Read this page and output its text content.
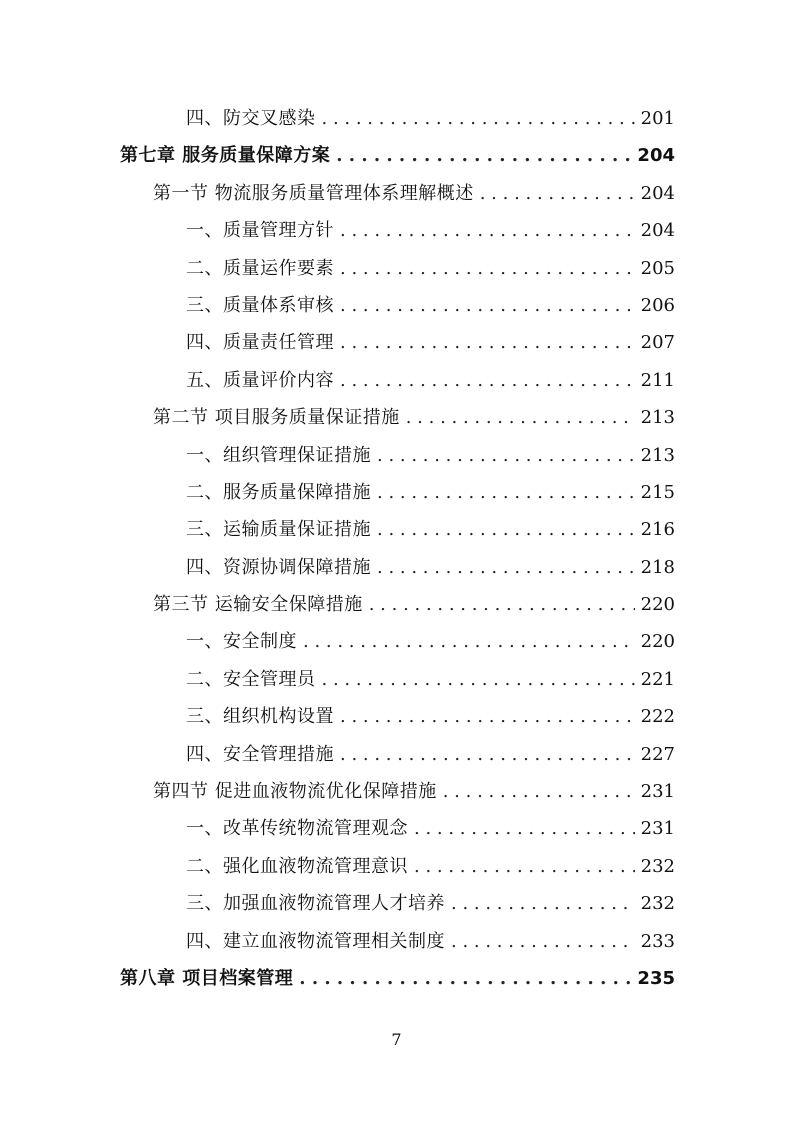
四、防交叉感染 . . .	201
第七章 服务质量保障方案 . . .	204
第一节 物流服务质量管理体系理解概述 . . .	204
一、质量管理方针 . . .	204
二、质量运作要素 . . .	205
三、质量体系审核 . . .	206
四、质量责任管理 . . .	207
五、质量评价内容 . . .	211
第二节 项目服务质量保证措施 . . .	213
一、组织管理保证措施 . . .	213
二、服务质量保障措施 . . .	215
三、运输质量保证措施 . . .	216
四、资源协调保障措施 . . .	218
第三节 运输安全保障措施 . . .	220
一、安全制度 . . .	220
二、安全管理员 . . .	221
三、组织机构设置 . . .	222
四、安全管理措施 . . .	227
第四节 促进血液物流优化保障措施 . . .	231
一、改革传统物流管理观念 . . .	231
二、强化血液物流管理意识 . . .	232
三、加强血液物流管理人才培养 . . .	232
四、建立血液物流管理相关制度 . . .	233
第八章 项目档案管理 . . .	235
7
